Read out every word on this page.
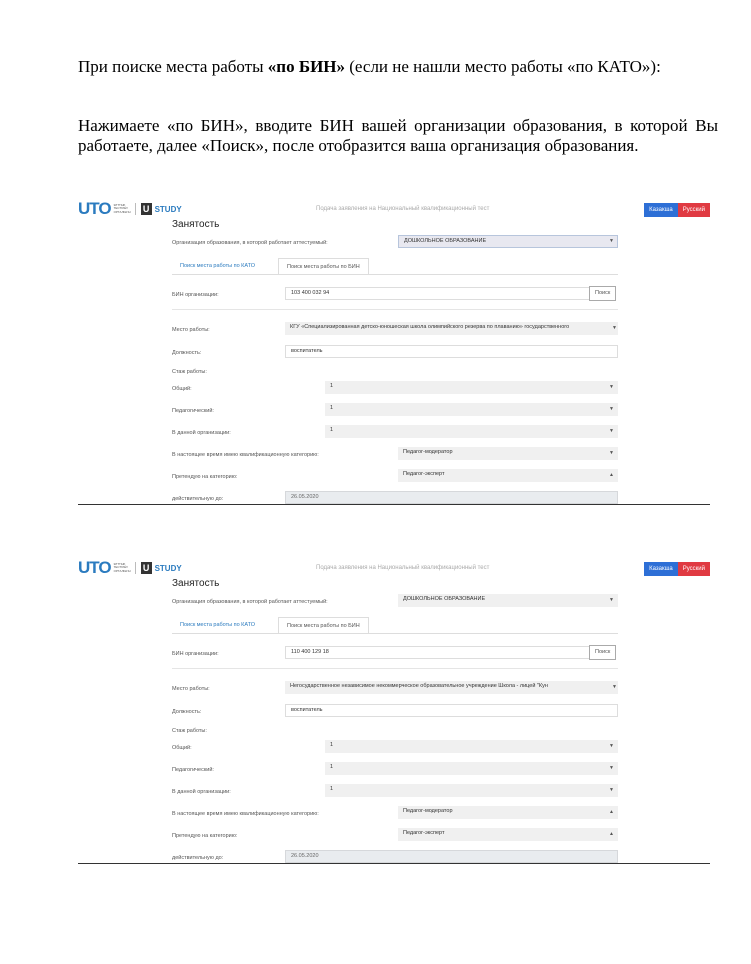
При поиске места работы «по БИН» (если не нашли место работы «по КАТО»):

Нажимаете «по БИН», вводите БИН вашей организации образования, в которой Вы работаете, далее «Поиск», после отобразится ваша организация образования.

UTO ҰЛТТЫҚ ТЕСТІЛЕУ ОРТАЛЫҒЫ U STUDY	Подача заявления на Национальный квалификационный тест	Казакша	Русский
Занятость
Организация образования, в которой работает аттестуемый:	ДОШКОЛЬНОЕ ОБРАЗОВАНИЕ	▼
Поиск места работы по КАТО	Поиск места работы по БИН
БИН организации:	103 400 032 94	Поиск
Место работы:	КГУ «Специализированная детско-юношеская школа олимпийского резерва по плаванию» государственного	▼
Должность:	воспитатель
Стаж работы:
Общий:	1	▼
Педагогический:	1	▼
В данной организации:	1	▼
В настоящее время имею квалификационную категорию:	Педагог-модератор	▼
Претендую на категорию:	Педагог-эксперт	▲
действительную до:	26.05.2020
UTO ҰЛТТЫҚ ТЕСТІЛЕУ ОРТАЛЫҒЫ U STUDY	Подача заявления на Национальный квалификационный тест	Казакша	Русский
Занятость
Организация образования, в которой работает аттестуемый:	ДОШКОЛЬНОЕ ОБРАЗОВАНИЕ	▼
Поиск места работы по КАТО	Поиск места работы по БИН
БИН организации:	110 400 129 18	Поиск
Место работы:	Негосударственное независимое некоммерческое образовательное учреждение Школа - лицей "Кун	▼
Должность:	воспитатель
Стаж работы:
Общий:	1	▼
Педагогический:	1	▼
В данной организации:	1	▼
В настоящее время имею квалификационную категорию:	Педагог-модератор	▲
Претендую на категорию:	Педагог-эксперт	▲
действительную до:	26.05.2020
